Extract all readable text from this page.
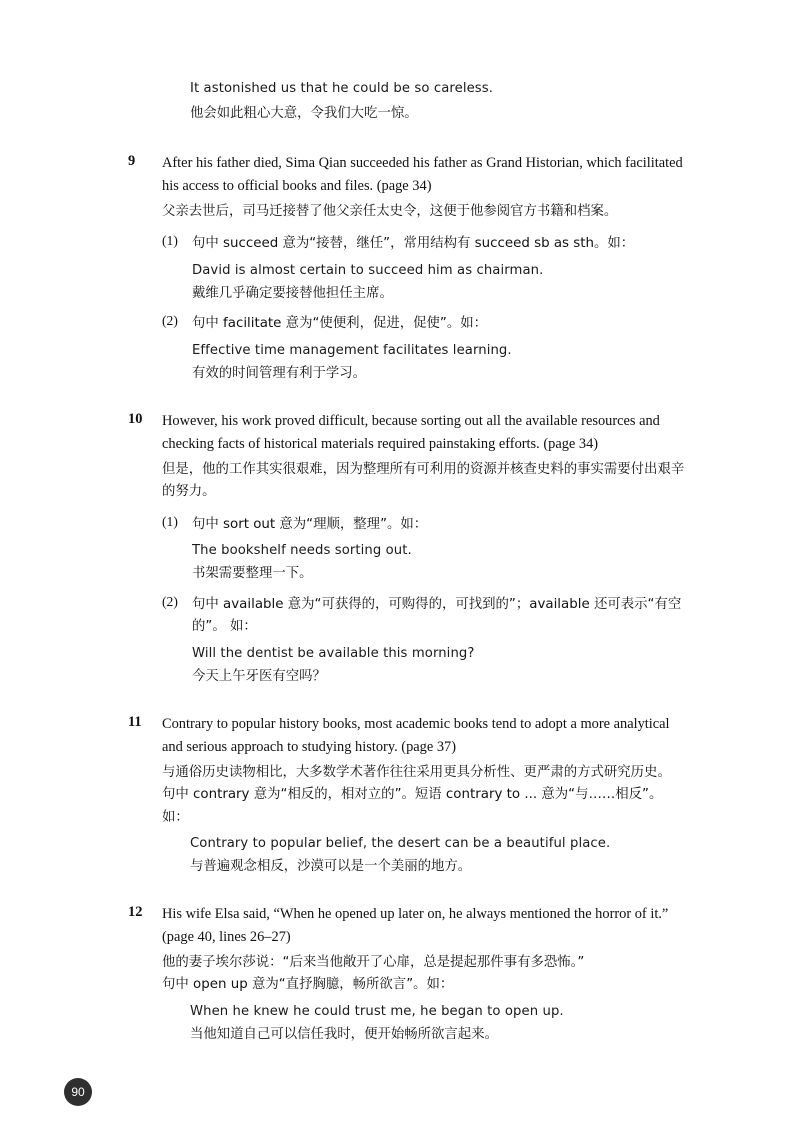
It astonished us that he could be so careless.
他会如此粗心大意，令我们大吃一惊。
9	After his father died, Sima Qian succeeded his father as Grand Historian, which facilitated his access to official books and files. (page 34)
父亲去世后，司马迁接替了他父亲任太史令，这便于他参阅官方书籍和档案。
(1)	句中 succeed 意为“接替，继任”，常用结构有 succeed sb as sth。如：
David is almost certain to succeed him as chairman.
戴维几乎确定要接替他担任主席。
(2)	句中 facilitate 意为“使便利，促进，促使”。如：
Effective time management facilitates learning.
有效的时间管理有利于学习。
10	However, his work proved difficult, because sorting out all the available resources and checking facts of historical materials required painstaking efforts. (page 34)
但是，他的工作其实很艰难，因为整理所有可利用的资源并核查史料的事实需要付出艰辛的努力。
(1)	句中 sort out 意为“理顺，整理”。如：
The bookshelf needs sorting out.
书架需要整理一下。
(2)	句中 available 意为“可获得的，可购得的，可找到的”；available 还可表示“有空的”。 如：
Will the dentist be available this morning?
今天上午牙医有空吗？
11	Contrary to popular history books, most academic books tend to adopt a more analytical and serious approach to studying history. (page 37)
与通俗历史读物相比，大多数学术著作往往采用更具分析性、更严肃的方式研究历史。
句中 contrary 意为“相反的，相对立的”。短语 contrary to ... 意为“与……相反”。如：
Contrary to popular belief, the desert can be a beautiful place.
与普遍观念相反，沙漠可以是一个美丽的地方。
12	His wife Elsa said, “When he opened up later on, he always mentioned the horror of it.” (page 40, lines 26–27)
他的妻子埃尔莎说：“后来当他敞开了心扉，总是提起那件事有多恐怖。”
句中 open up 意为“直抒胸臆，畅所欲言”。如：
When he knew he could trust me, he began to open up.
当他知道自己可以信任我时，便开始畅所欲言起来。
90
